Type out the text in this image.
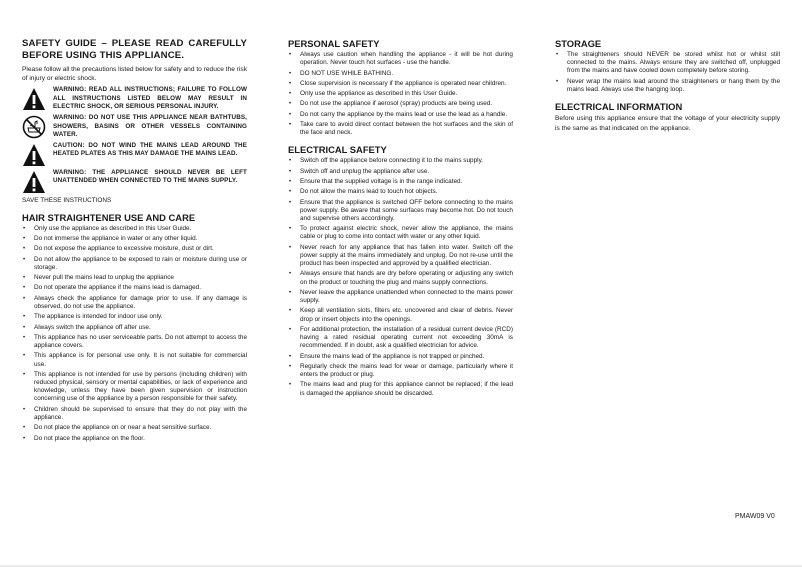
SAFETY GUIDE – PLEASE READ CAREFULLY BEFORE USING THIS APPLIANCE.

Please follow all the precautions listed below for safety and to reduce the risk of injury or electric shock.

WARNING: READ ALL INSTRUCTIONS; FAILURE TO FOLLOW ALL INSTRUCTIONS LISTED BELOW MAY RESULT IN ELECTRIC SHOCK, OR SERIOUS PERSONAL INJURY.
WARNING: DO NOT USE THIS APPLIANCE NEAR BATHTUBS, SHOWERS, BASINS OR OTHER VESSELS CONTAINING WATER.
CAUTION: DO NOT WIND THE MAINS LEAD AROUND THE HEATED PLATES AS THIS MAY DAMAGE THE MAINS LEAD.
WARNING: THE APPLIANCE SHOULD NEVER BE LEFT UNATTENDED WHEN CONNECTED TO THE MAINS SUPPLY.
SAVE THESE INSTRUCTIONS
HAIR STRAIGHTENER USE AND CARE
• Only use the appliance as described in this User Guide.
• Do not immerse the appliance in water or any other liquid.
• Do not expose the appliance to excessive moisture, dust or dirt.
• Do not allow the appliance to be exposed to rain or moisture during use or storage.
• Never pull the mains lead to unplug the appliance
• Do not operate the appliance if the mains lead is damaged.
• Always check the appliance for damage prior to use. If any damage is observed, do not use the appliance.
• The appliance is intended for indoor use only.
• Always switch the appliance off after use.
• This appliance has no user serviceable parts. Do not attempt to access the appliance covers.
• This appliance is for personal use only. It is not suitable for commercial use.
• This appliance is not intended for use by persons (including children) with reduced physical, sensory or mental capabilities, or lack of experience and knowledge, unless they have been given supervision or instruction concerning use of the appliance by a person responsible for their safety.
• Children should be supervised to ensure that they do not play with the appliance.
• Do not place the appliance on or near a heat sensitive surface.
• Do not place the appliance on the floor.
PERSONAL SAFETY
• Always use caution when handling the appliance - it will be hot during operation. Never touch hot surfaces - use the handle.
• DO NOT USE WHILE BATHING.
• Close supervision is necessary if the appliance is operated near children.
• Only use the appliance as described in this User Guide.
• Do not use the appliance if aerosol (spray) products are being used.
• Do not carry the appliance by the mains lead or use the lead as a handle.
• Take care to avoid direct contact between the hot surfaces and the skin of the face and neck.
ELECTRICAL SAFETY
• Switch off the appliance before connecting it to the mains supply.
• Switch off and unplug the appliance after use.
• Ensure that the supplied voltage is in the range indicated.
• Do not allow the mains lead to touch hot objects.
• Ensure that the appliance is switched OFF before connecting to the mains power supply. Be aware that some surfaces may become hot. Do not touch and supervise others accordingly.
• To protect against electric shock, never allow the appliance, the mains cable or plug to come into contact with water or any other liquid.
• Never reach for any appliance that has fallen into water. Switch off the power supply at the mains immediately and unplug. Do not re-use until the product has been inspected and approved by a qualified electrician.
• Always ensure that hands are dry before operating or adjusting any switch on the product or touching the plug and mains supply connections.
• Never leave the appliance unattended when connected to the mains power supply.
• Keep all ventilation slots, filters etc. uncovered and clear of debris. Never drop or insert objects into the openings.
• For additional protection, the installation of a residual current device (RCD) having a rated residual operating current not exceeding 30mA is recommended. If in doubt, ask a qualified electrician for advice.
• Ensure the mains lead of the appliance is not trapped or pinched.
• Regularly check the mains lead for wear or damage, particularly where it enters the product or plug.
• The mains lead and plug for this appliance cannot be replaced; if the lead is damaged the appliance should be discarded.
STORAGE
• The straighteners should NEVER be stored whilst hot or whilst still connected to the mains. Always ensure they are switched off, unplugged from the mains and have cooled down completely before storing.
• Never wrap the mains lead around the straighteners or hang them by the mains lead. Always use the hanging loop.
ELECTRICAL INFORMATION

Before using this appliance ensure that the voltage of your electricity supply is the same as that indicated on the appliance.

PMAW09 V0
